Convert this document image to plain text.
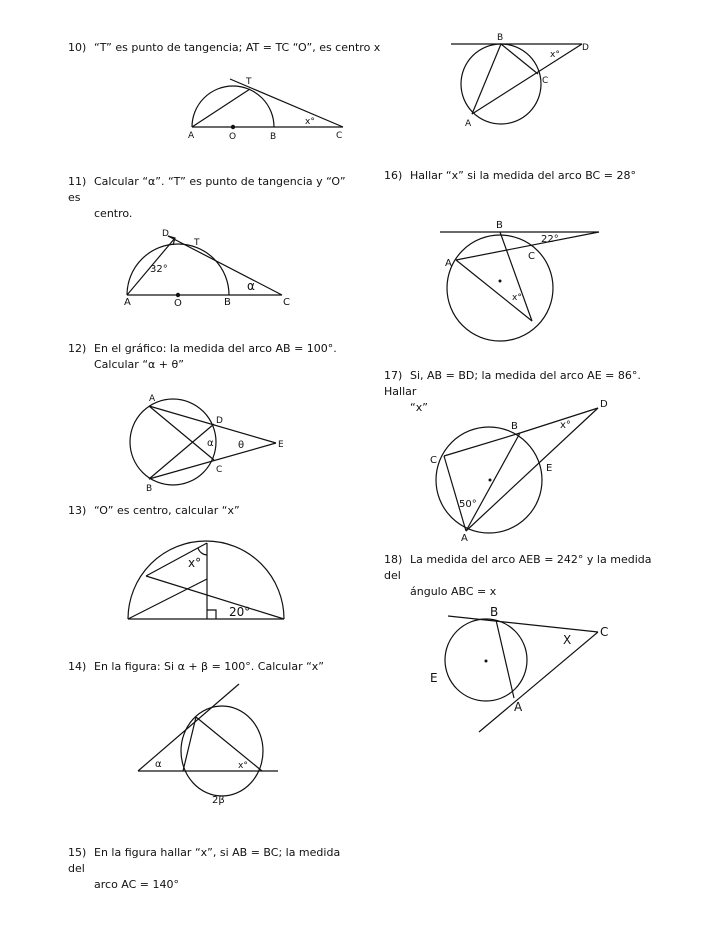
10) “T” es punto de tangencia; AT = TC “O”, es centro x
11) Calcular “α”. “T” es punto de tangencia y “O” es
centro.
12) En el gráfico: la medida del arco AB = 100°.
Calcular “α + θ”
13) “O” es centro, calcular “x”
14) En la figura: Si α + β = 100°. Calcular “x”
15) En la figura hallar “x”, si AB = BC; la medida del
arco AC = 140°
16) Hallar “x” si la medida del arco BC = 28°
17) Si, AB = BD; la medida del arco AE = 86°. Hallar
“x”
18) La medida del arco AEB = 242° y la medida del
ángulo ABC = x
T
A	O	B	C
x°
D
T
32°
α
A	O	B	C
A
D
α θ	E
C
B
x°
20°
α	x°
2β
B
D
x°
C
A
B
22°
C
A
x°
D
x°
B
C
E
50°
A
B
C
X
E
A
